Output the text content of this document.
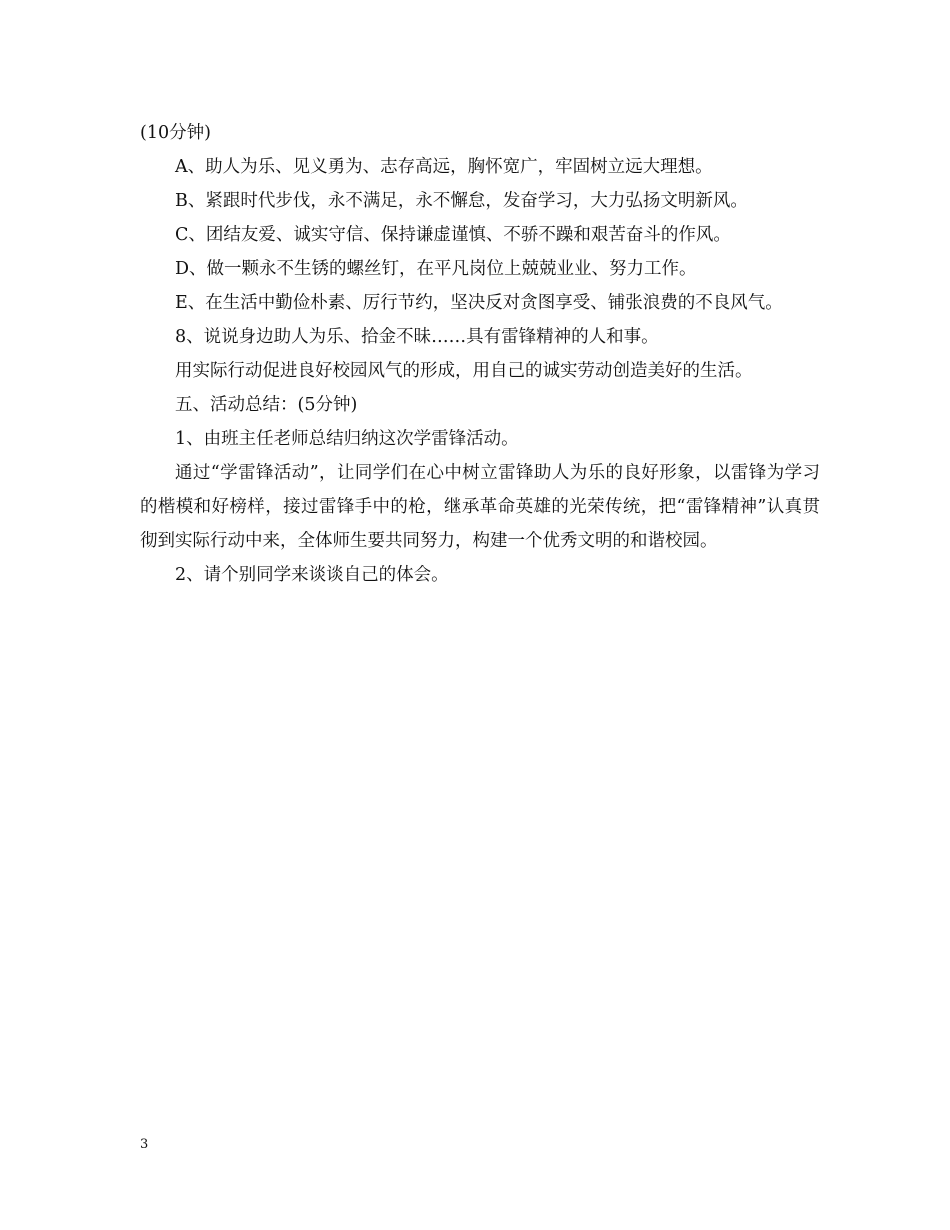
(10分钟)

A、助人为乐、见义勇为、志存高远，胸怀宽广，牢固树立远大理想。

B、紧跟时代步伐，永不满足，永不懈怠，发奋学习，大力弘扬文明新风。

C、团结友爱、诚实守信、保持谦虚谨慎、不骄不躁和艰苦奋斗的作风。

D、做一颗永不生锈的螺丝钉，在平凡岗位上兢兢业业、努力工作。

E、在生活中勤俭朴素、厉行节约，坚决反对贪图享受、铺张浪费的不良风气。

8、说说身边助人为乐、拾金不昧……具有雷锋精神的人和事。

用实际行动促进良好校园风气的形成，用自己的诚实劳动创造美好的生活。

五、活动总结：(5分钟)

1、由班主任老师总结归纳这次学雷锋活动。

通过“学雷锋活动”，让同学们在心中树立雷锋助人为乐的良好形象，以雷锋为学习的楷模和好榜样，接过雷锋手中的枪，继承革命英雄的光荣传统，把“雷锋精神”认真贯彻到实际行动中来，全体师生要共同努力，构建一个优秀文明的和谐校园。

2、请个别同学来谈谈自己的体会。

3
